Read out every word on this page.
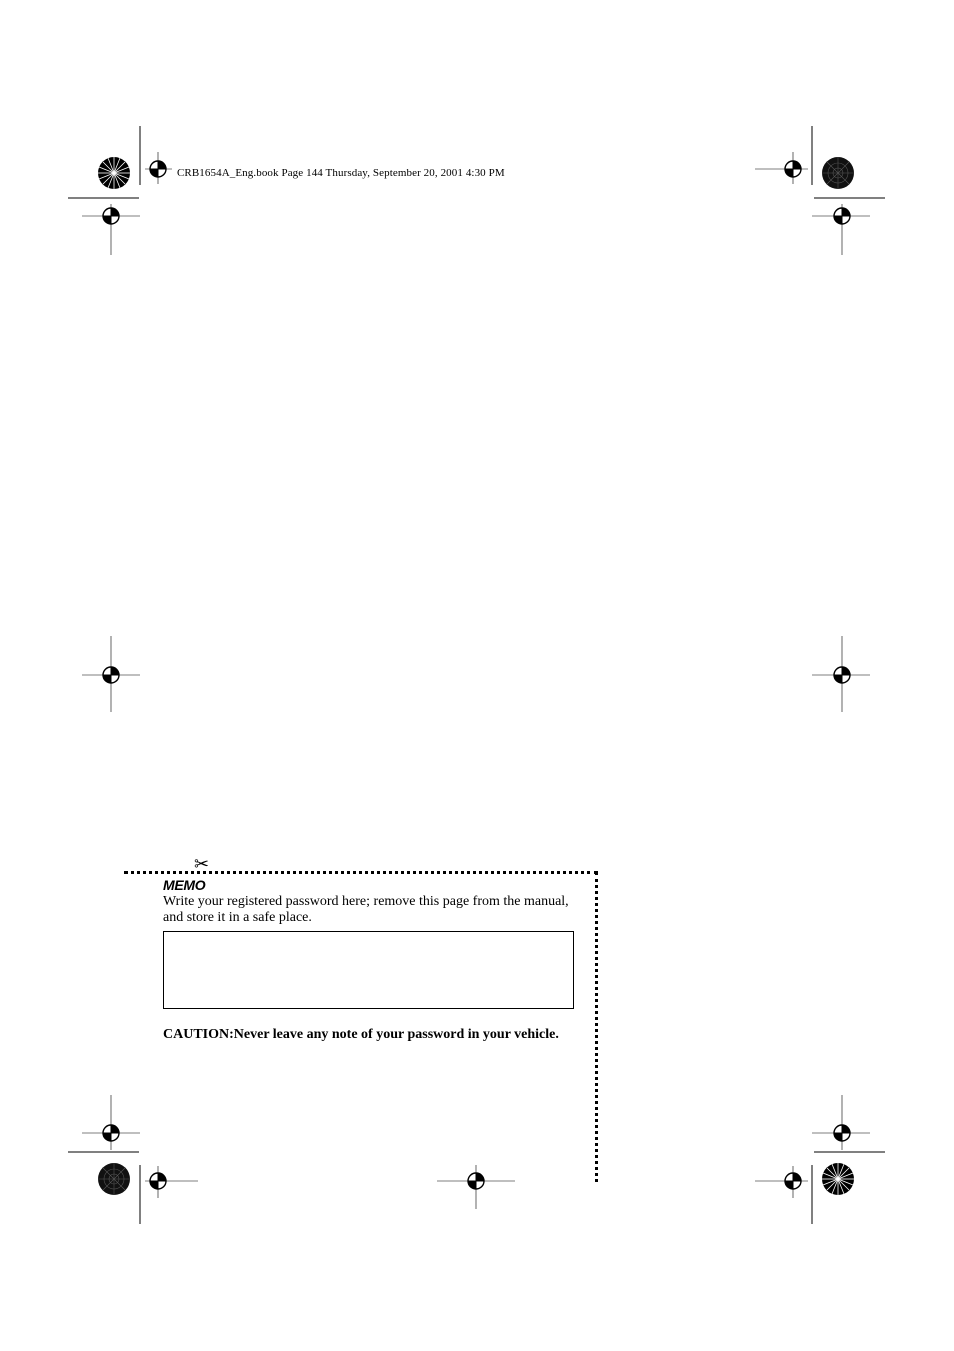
CRB1654A_Eng.book Page 144 Thursday, September 20, 2001 4:30 PM
✂
MEMO
Write your registered password here; remove this page from the manual, and store it in a safe place.
CAUTION:Never leave any note of your password in your vehicle.
